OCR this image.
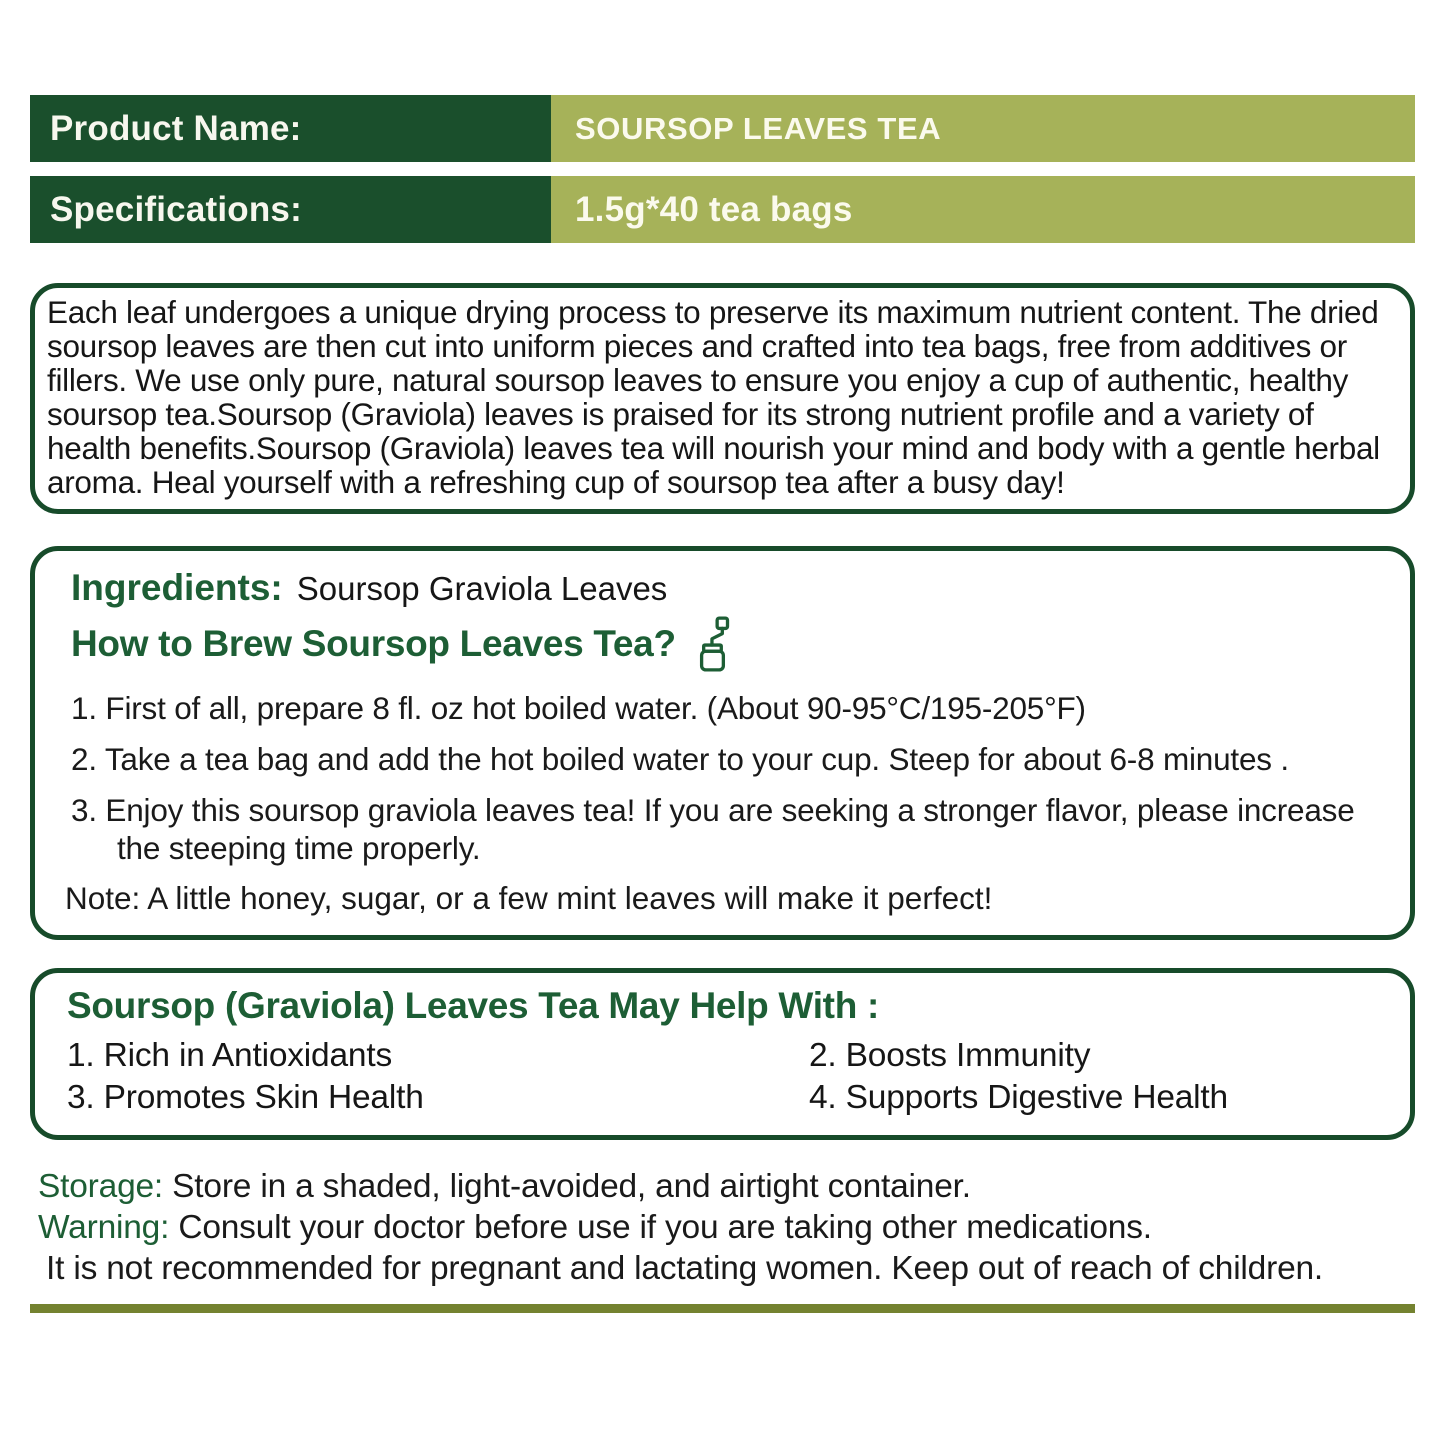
Product Name:	SOURSOP LEAVES TEA
Specifications:	1.5g*40 tea bags
Each leaf undergoes a unique drying process to preserve its maximum nutrient content. The dried soursop leaves are then cut into uniform pieces and crafted into tea bags, free from additives or fillers. We use only pure, natural soursop leaves to ensure you enjoy a cup of authentic, healthy soursop tea.Soursop (Graviola) leaves is praised for its strong nutrient profile and a variety of health benefits.Soursop (Graviola) leaves tea will nourish your mind and body with a gentle herbal aroma. Heal yourself with a refreshing cup of soursop tea after a busy day!
Ingredients: Soursop Graviola Leaves
How to Brew Soursop Leaves Tea?
1. First of all, prepare 8 fl. oz hot boiled water. (About 90-95°C/195-205°F)
2. Take a tea bag and add the hot boiled water to your cup. Steep for about 6-8 minutes .
3. Enjoy this soursop graviola leaves tea! If you are seeking a stronger flavor, please increase the steeping time properly.
Note: A little honey, sugar, or a few mint leaves will make it perfect!
Soursop (Graviola) Leaves Tea May Help With :
1. Rich in Antioxidants	2. Boosts Immunity
3. Promotes Skin Health	4. Supports Digestive Health
Storage: Store in a shaded, light-avoided, and airtight container.
Warning: Consult your doctor before use if you are taking other medications.
It is not recommended for pregnant and lactating women. Keep out of reach of children.
